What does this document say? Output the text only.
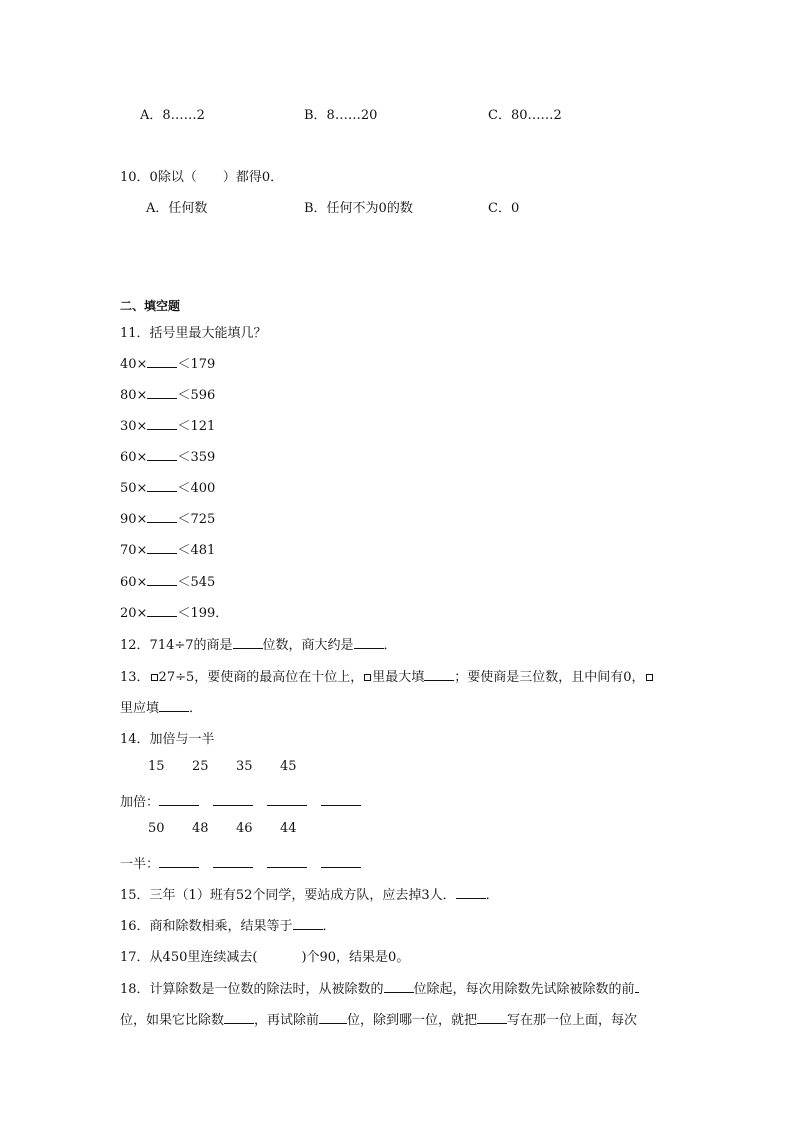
A．8……2	B．8……20	C．80……2
10．0除以（　　）都得0．
A．任何数	B．任何不为0的数	C．0
二、填空题
11．括号里最大能填几？
40× ＜179
80× ＜596
30× ＜121
60× ＜359
50× ＜400
90× ＜725
70× ＜481
60× ＜545
20× ＜199．
12．714÷7的商是 位数，商大约是 ．
13． 27÷5，要使商的最高位在十位上， 里最大填 ；要使商是三位数，且中间有0，
里应填 ．
14．加倍与一半
15 25 35 45
加倍：
50 48 46 44
一半：
15．三年（1）班有52个同学，要站成方队，应去掉3人． ．
16．商和除数相乘，结果等于 ．
17．从450里连续减去(	)个90，结果是0。
18．计算除数是一位数的除法时，从被除数的 位除起，每次用除数先试除被除数的前
位，如果它比除数 ，再试除前 位，除到哪一位，就把 写在那一位上面，每次
